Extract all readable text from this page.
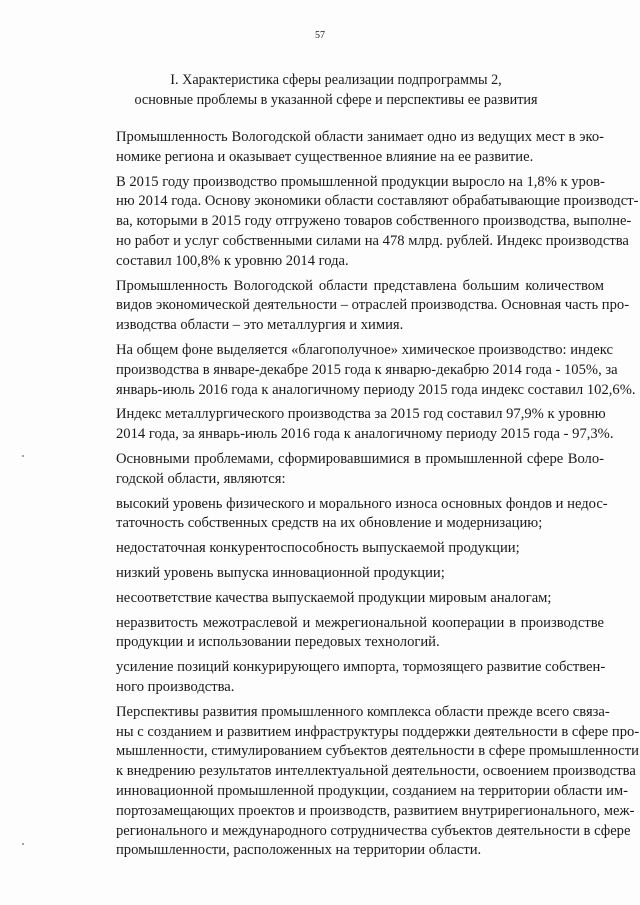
57
I. Характеристика сферы реализации подпрограммы 2,
основные проблемы в указанной сфере и перспективы ее развития

Промышленность Вологодской области занимает одно из ведущих мест в эко-
номике региона и оказывает существенное влияние на ее развитие.

В 2015 году производство промышленной продукции выросло на 1,8% к уров-
ню 2014 года. Основу экономики области составляют обрабатывающие производст-
ва, которыми в 2015 году отгружено товаров собственного производства, выполне-
но работ и услуг собственными силами на 478 млрд. рублей. Индекс производства
составил 100,8% к уровню 2014 года.

Промышленность Вологодской области представлена большим количеством
видов экономической деятельности – отраслей производства. Основная часть про-
изводства области – это металлургия и химия.

На общем фоне выделяется «благополучное» химическое производство: индекс
производства в январе-декабре 2015 года к январю-декабрю 2014 года - 105%, за
январь-июль 2016 года к аналогичному периоду 2015 года индекс составил 102,6%.

Индекс металлургического производства за 2015 год составил 97,9% к уровню
2014 года, за январь-июль 2016 года к аналогичному периоду 2015 года - 97,3%.

Основными проблемами, сформировавшимися в промышленной сфере Воло-
годской области, являются:

высокий уровень физического и морального износа основных фондов и недос-
таточность собственных средств на их обновление и модернизацию;

недостаточная конкурентоспособность выпускаемой продукции;

низкий уровень выпуска инновационной продукции;

несоответствие качества выпускаемой продукции мировым аналогам;

неразвитость межотраслевой и межрегиональной кооперации в производстве
продукции и использовании передовых технологий.

усиление позиций конкурирующего импорта, тормозящего развитие собствен-
ного производства.

Перспективы развития промышленного комплекса области прежде всего связа-
ны с созданием и развитием инфраструктуры поддержки деятельности в сфере про-
мышленности, стимулированием субъектов деятельности в сфере промышленности
к внедрению результатов интеллектуальной деятельности, освоением производства
инновационной промышленной продукции, созданием на территории области им-
портозамещающих проектов и производств, развитием внутрирегионального, меж-
регионального и международного сотрудничества субъектов деятельности в сфере
промышленности, расположенных на территории области.
